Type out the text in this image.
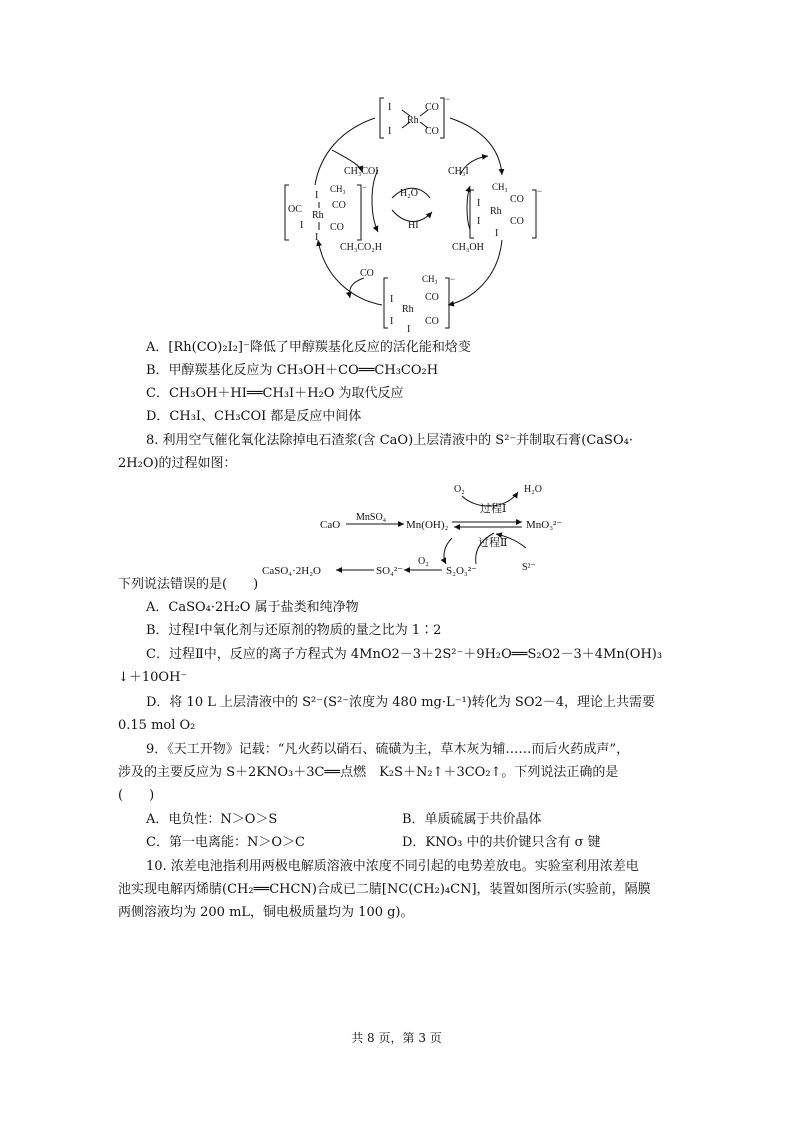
I
I
Rh
CO
CO
−
I
CH₃ −
OC
Rh
CO
I	CO
I
CH₃	−
I
Rh
CO
I	CO
I
CH₃ −
I	CO
Rh
I	CO
I
CH₃COI	CH₃I
H₂O
HI
CH₃CO₂H	CH₃OH
CO
A．[Rh(CO)₂I₂]⁻降低了甲醇羰基化反应的活化能和焓变
B．甲醇羰基化反应为 CH₃OH＋CO══CH₃CO₂H
C．CH₃OH＋HI══CH₃I＋H₂O 为取代反应
D．CH₃I、CH₃COI 都是反应中间体
8. 利用空气催化氧化法除掉电石渣浆(含 CaO)上层清液中的 S²⁻并制取石膏(CaSO₄·
2H₂O)的过程如图：
O₂	H₂O
过程Ⅰ
CaO
MnSO₄
Mn(OH)₂	MnO₃²⁻
过程Ⅱ
S²⁻
S₂O₃²⁻
O₂
SO₄²⁻
CaSO₄·2H₂O
下列说法错误的是(　　)
A．CaSO₄·2H₂O 属于盐类和纯净物
B．过程Ⅰ中氧化剂与还原剂的物质的量之比为 1∶2
C．过程Ⅱ中，反应的离子方程式为 4MnO2－3＋2S²⁻＋9H₂O══S₂O2－3＋4Mn(OH)₃
↓＋10OH⁻
D．将 10 L 上层清液中的 S²⁻(S²⁻浓度为 480 mg·L⁻¹)转化为 SO2－4，理论上共需要
0.15 mol O₂
9．《天工开物》记载：“凡火药以硝石、硫磺为主，草木灰为辅……而后火药成声”，
涉及的主要反应为 S＋2KNO₃＋3C══点燃　K₂S＋N₂↑＋3CO₂↑。下列说法正确的是
(　　)
A．电负性：N＞O＞S	B．单质硫属于共价晶体
C．第一电离能：N＞O＞C	D．KNO₃ 中的共价键只含有 σ 键
10. 浓差电池指利用两极电解质溶液中浓度不同引起的电势差放电。实验室利用浓差电
池实现电解丙烯腈(CH₂══CHCN)合成已二腈[NC(CH₂)₄CN]，装置如图所示(实验前，隔膜
两侧溶液均为 200 mL，铜电极质量均为 100 g)。
共 8 页，第 3 页
